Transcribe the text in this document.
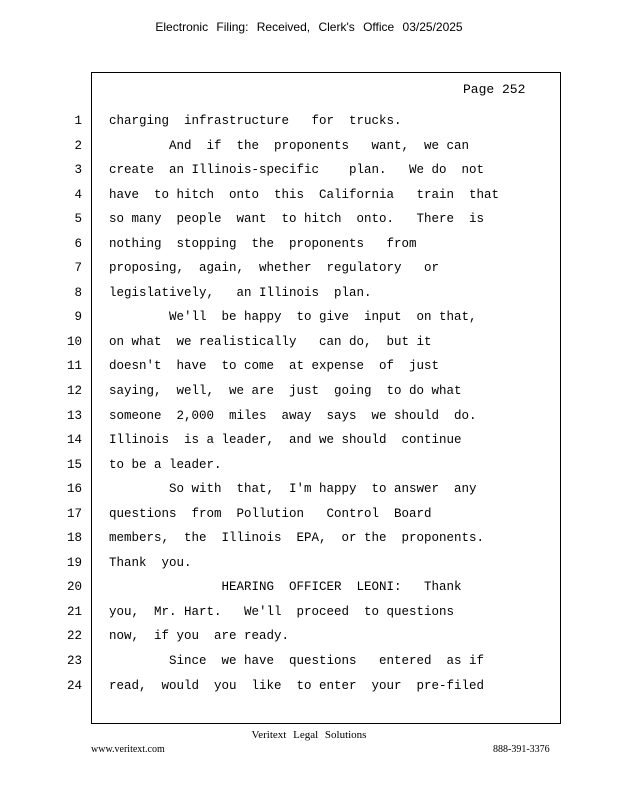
Electronic Filing: Received, Clerk's Office 03/25/2025
Page 252
1
2
3
4
5
6
7
8
9
10
11
12
13
14
15
16
17
18
19
20
21
22
23
24
charging  infrastructure   for  trucks.
And  if  the  proponents   want,  we can
create  an Illinois-specific    plan.   We do  not
have  to hitch  onto  this  California   train  that
so many  people  want  to hitch  onto.   There  is
nothing  stopping  the  proponents   from
proposing,  again,  whether  regulatory   or
legislatively,   an Illinois  plan.
We'll  be happy  to give  input  on that,
on what  we realistically   can do,  but it
doesn't  have  to come  at expense  of  just
saying,  well,  we are  just  going  to do what
someone  2,000  miles  away  says  we should  do.
Illinois  is a leader,  and we should  continue
to be a leader.
So with  that,  I'm happy  to answer  any
questions  from  Pollution   Control  Board
members,  the  Illinois  EPA,  or the  proponents.
Thank  you.
HEARING  OFFICER  LEONI:   Thank
you,  Mr. Hart.   We'll  proceed  to questions
now,  if you  are ready.
Since  we have  questions   entered  as if
read,  would  you  like  to enter  your  pre-filed
Veritext Legal Solutions
www.veritext.com	888-391-3376
